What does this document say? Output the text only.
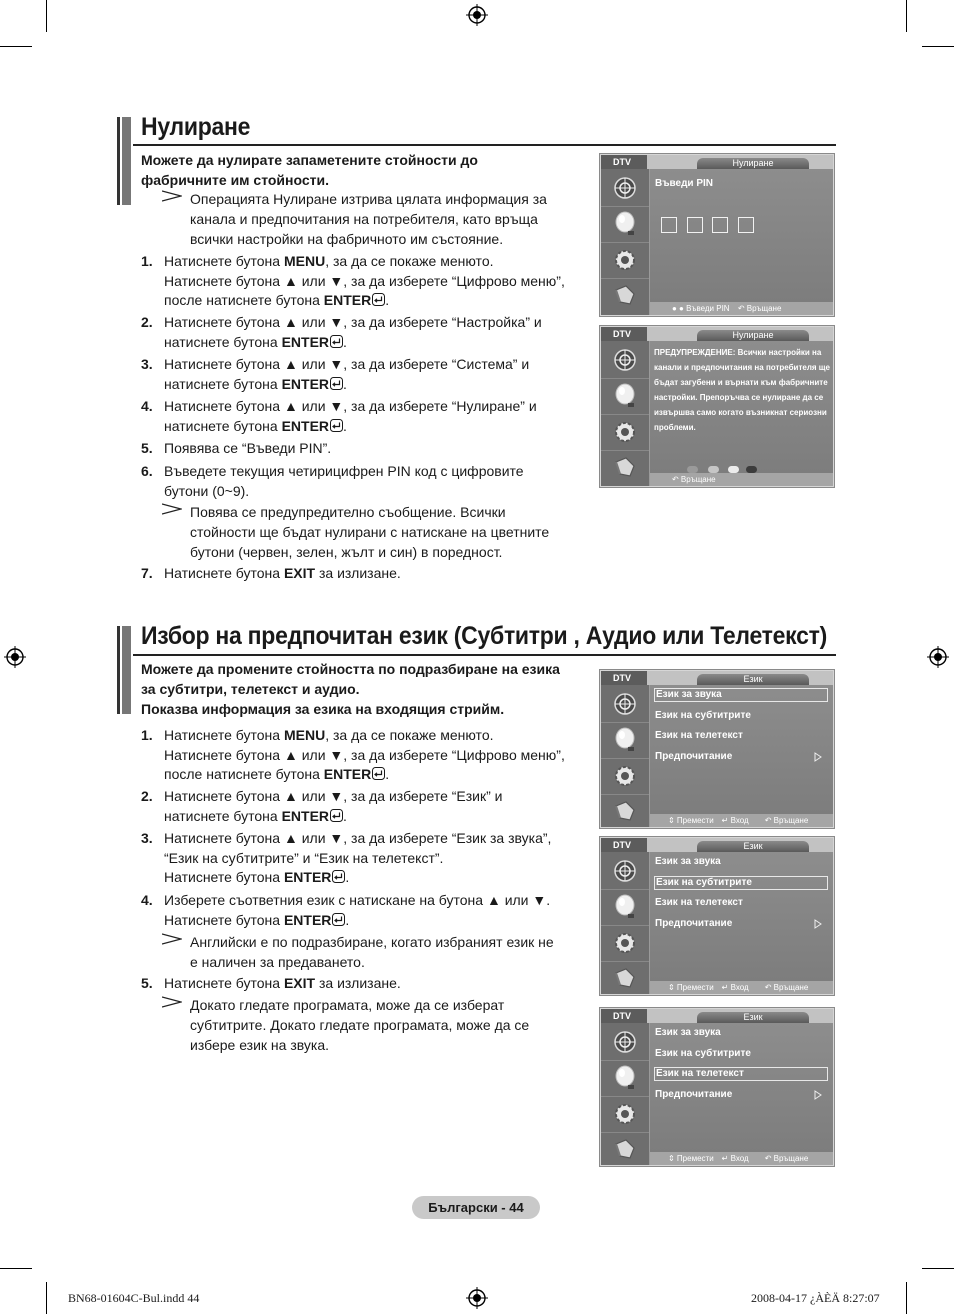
Нулиране
Можете да нулирате запаметените стойности до
фабричните им стойности.
Операцията Нулиране изтрива цялата информация за
канала и предпочитания на потребителя, като връща
всички настройки на фабричното им състояние.
1. Натиснете бутона MENU, за да се покаже менюто.
Натиснете бутона ▲ или ▼, за да изберете “Цифрово меню”,
после натиснете бутона ENTER .
2. Натиснете бутона ▲ или ▼, за да изберете “Настройка” и
натиснете бутона ENTER .
3. Натиснете бутона ▲ или ▼, за да изберете “Система” и
натиснете бутона ENTER .
4. Натиснете бутона ▲ или ▼, за да изберете “Нулиране” и
натиснете бутона ENTER .
5. Появява се “Въведи PIN”.
6. Въведете текущия четирицифрен PIN код с цифровите
бутони (0~9).
7. Натиснете бутона EXIT за излизане.
Повява се предупредително съобщение. Всички
стойности ще бъдат нулирани с натискане на цветните
бутони (червен, зелен, жълт и син) в поредност.
DTV	Нулиране
Въведи PIN
● ● Въведи PIN ↶ Връщане
DTV	Нулиране
ПРЕДУПРЕЖДЕНИЕ: Всички настройки на канали и предпочитания на потребителя ще бъдат загубени и върнати към фабричните настройки. Препоръчва се нулиране да се извършва само когато възникнат сериозни проблеми.
↶ Връщане
Избор на предпочитан език (Субтитри , Аудио или Телетекст)
Можете да промените стойността по подразбиране на езика
за субтитри, телетекст и аудио.
Показва информация за езика на входящия стрийм.
1. Натиснете бутона MENU, за да се покаже менюто.
Натиснете бутона ▲ или ▼, за да изберете “Цифрово меню”,
после натиснете бутона ENTER .
2. Натиснете бутона ▲ или ▼, за да изберете “Език” и
натиснете бутона ENTER .
3. Натиснете бутона ▲ или ▼, за да изберете “Език за звука”,
“Език на субтитрите” и “Език на телетекст”.
Натиснете бутона ENTER .
4. Изберете съответния език с натискане на бутона ▲ или ▼.
Натиснете бутона ENTER .
5. Натиснете бутона EXIT за излизане.
Английски е по подразбиране, когато избраният език не
е наличен за предаването.
Докато гледате програмата, може да се изберат
субтитрите. Докато гледате програмата, може да се
избере език на звука.
DTV	Език
Език за звука
Език на субтитрите
Език на телетекст
Предпочитание
⇕ Премести ↵ Вход ↶ Връщане
DTV	Език
Език за звука
Език на субтитрите
Език на телетекст
Предпочитание
⇕ Премести ↵ Вход ↶ Връщане
DTV	Език
Език за звука
Език на субтитрите
Език на телетекст
Предпочитание
⇕ Премести ↵ Вход ↶ Връщане
Български - 44
BN68-01604C-Bul.indd 44	2008-04-17 ¿ÀÈÄ 8:27:07
